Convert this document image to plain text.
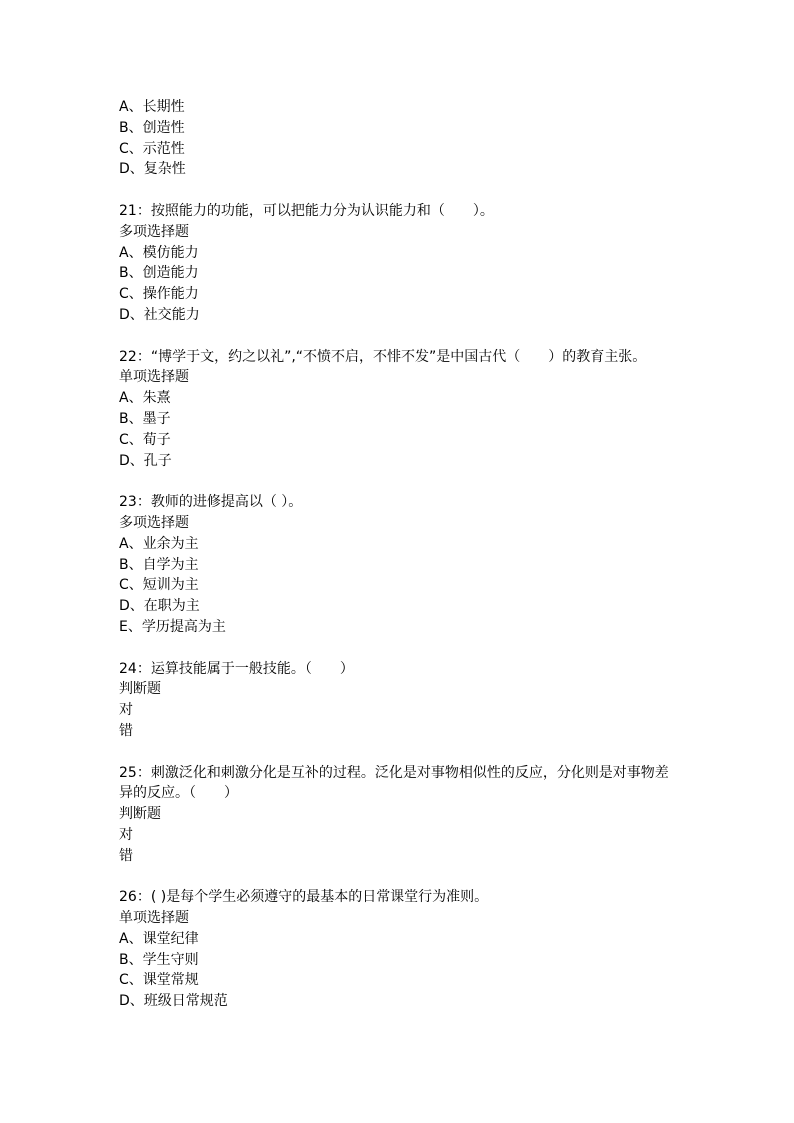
A、长期性
B、创造性
C、示范性
D、复杂性
21：按照能力的功能，可以把能力分为认识能力和（　　）。
多项选择题
A、模仿能力
B、创造能力
C、操作能力
D、社交能力
22：“博学于文，约之以礼”,“不愤不启，不悱不发”是中国古代（　　）的教育主张。
单项选择题
A、朱熹
B、墨子
C、荀子
D、孔子
23：教师的进修提高以（ ）。
多项选择题
A、业余为主
B、自学为主
C、短训为主
D、在职为主
E、学历提高为主
24：运算技能属于一般技能。（　　）
判断题
对
错
25：刺激泛化和刺激分化是互补的过程。泛化是对事物相似性的反应，分化则是对事物差
异的反应。（　　）
判断题
对
错
26：( )是每个学生必须遵守的最基本的日常课堂行为准则。
单项选择题
A、课堂纪律
B、学生守则
C、课堂常规
D、班级日常规范
